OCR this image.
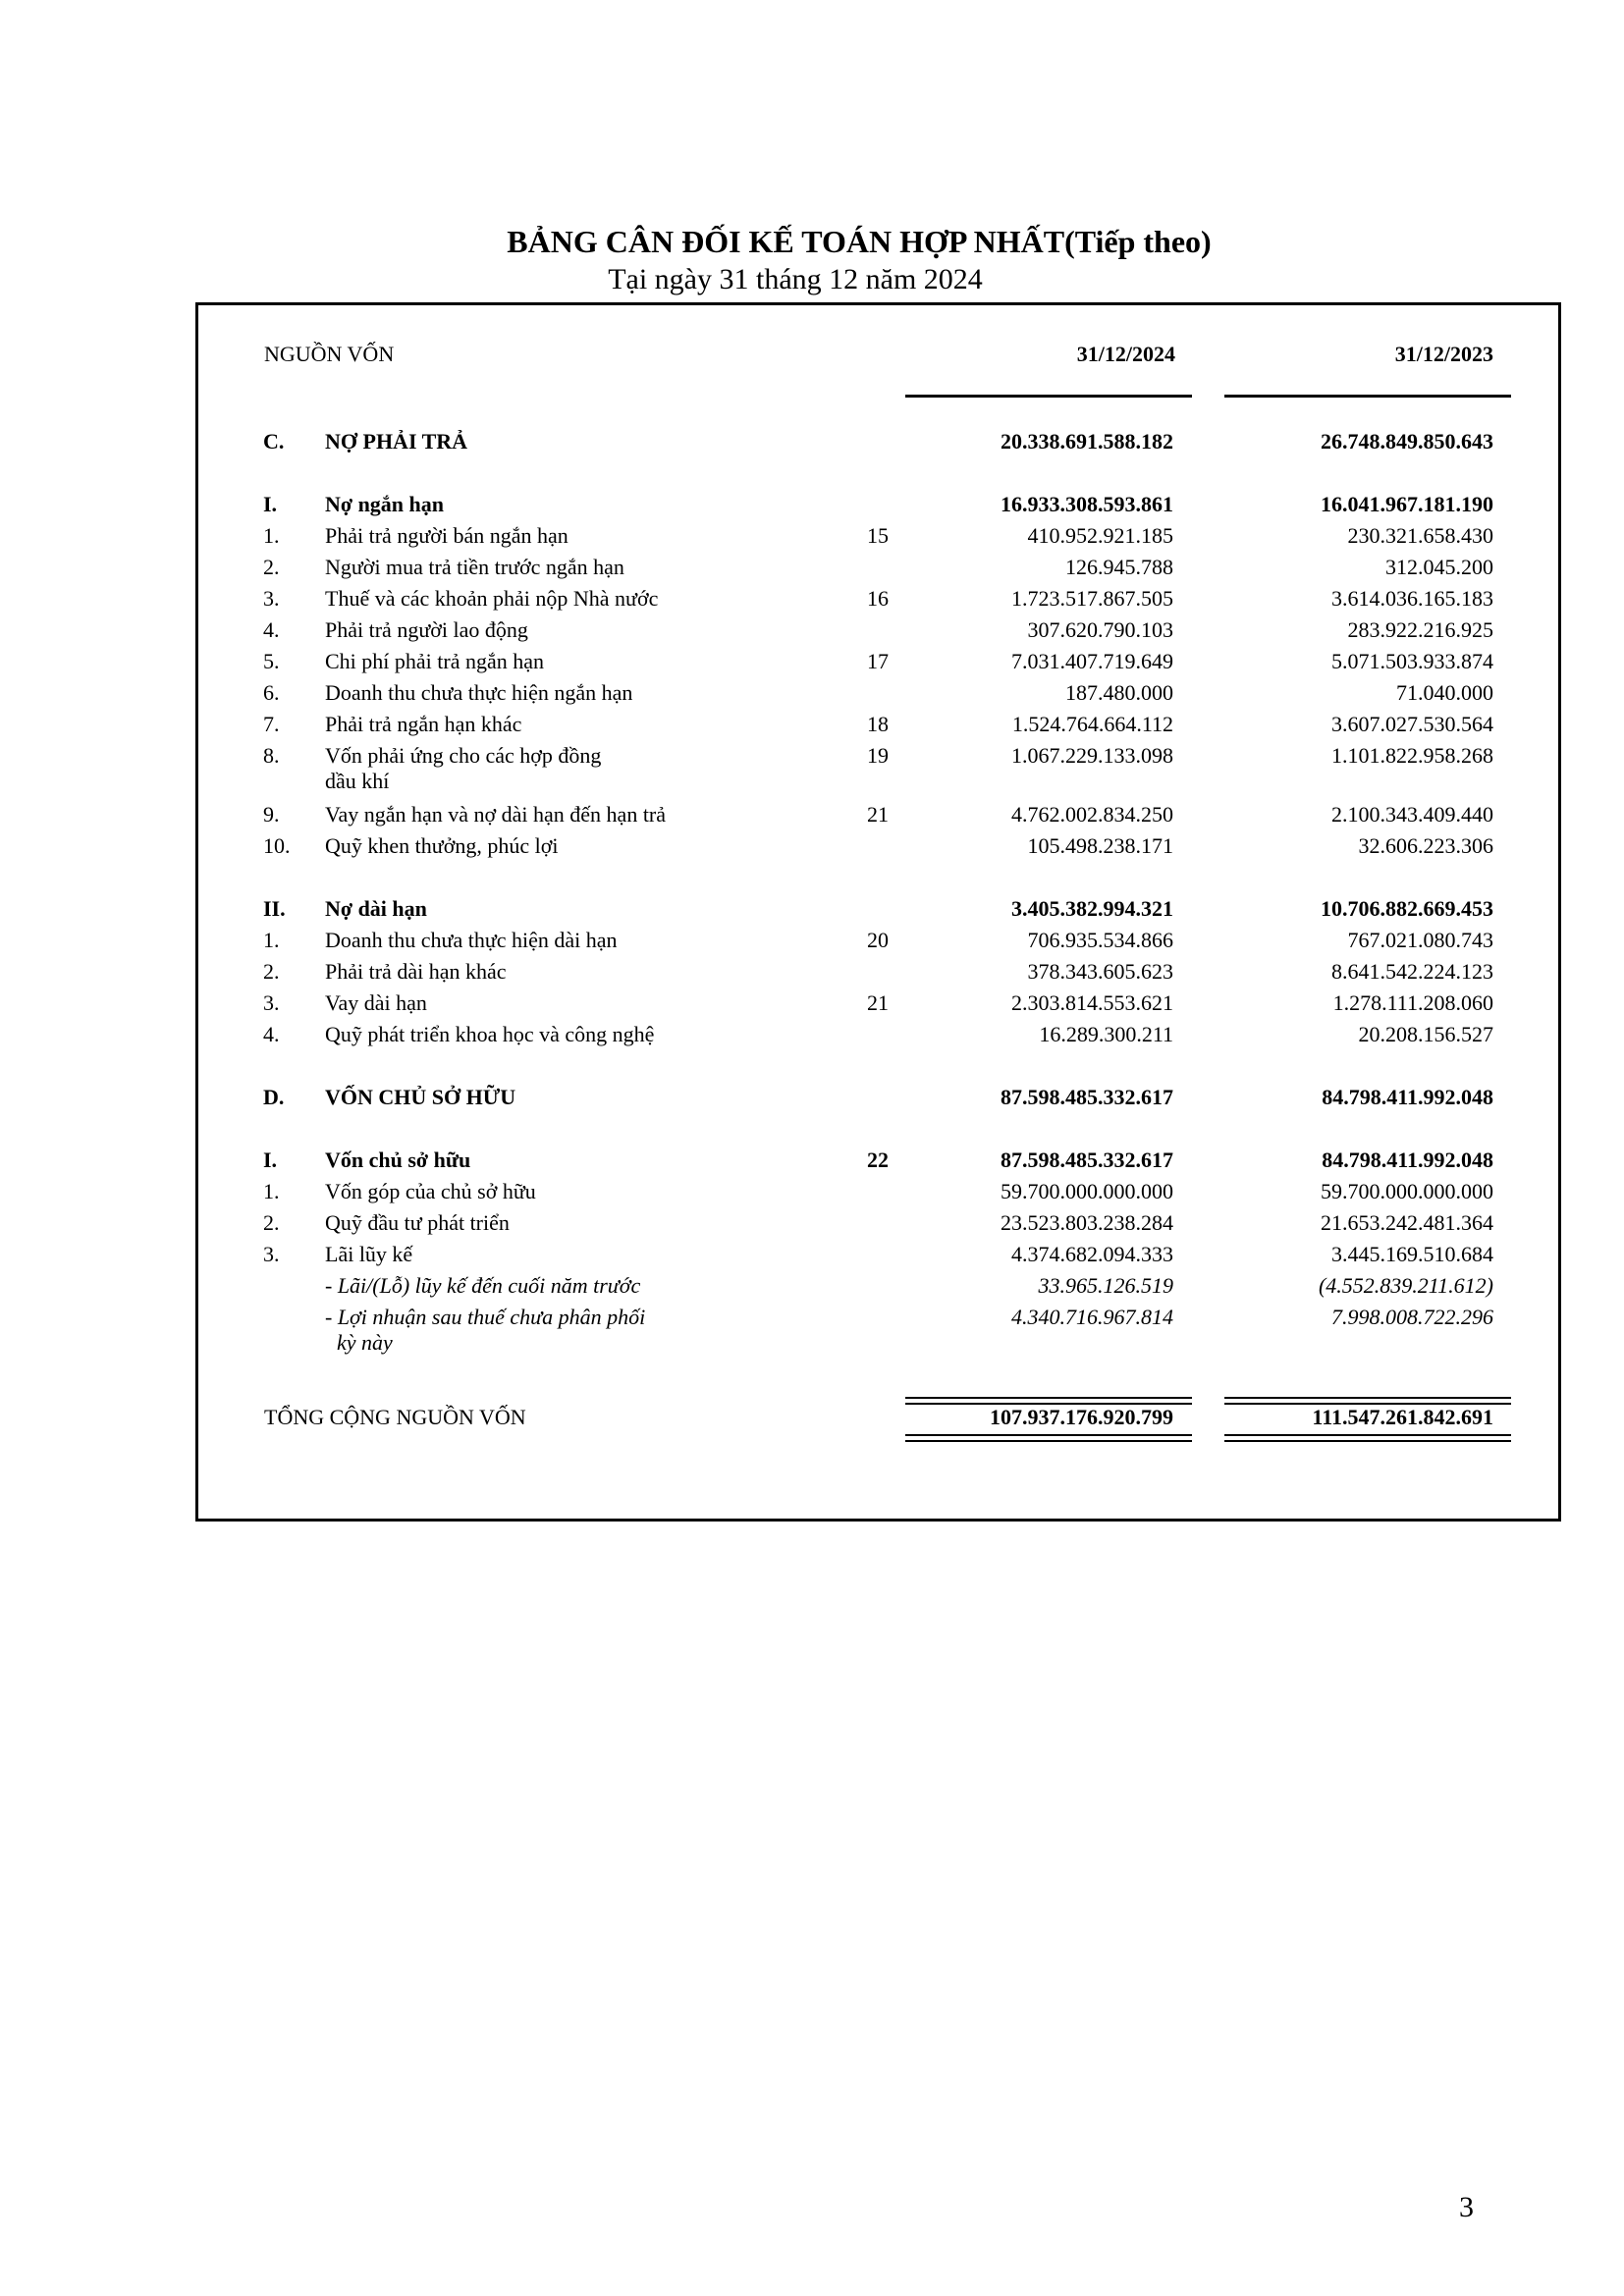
BẢNG CÂN ĐỐI KẾ TOÁN HỢP NHẤT(Tiếp theo)
Tại ngày 31 tháng 12 năm 2024
NGUỒN VỐN	31/12/2024	31/12/2023
C. NỢ PHẢI TRẢ	20.338.691.588.182	26.748.849.850.643
I. Nợ ngắn hạn	16.933.308.593.861	16.041.967.181.190
1. Phải trả người bán ngắn hạn	15	410.952.921.185	230.321.658.430
2. Người mua trả tiền trước ngắn hạn	126.945.788	312.045.200
3. Thuế và các khoản phải nộp Nhà nước	16	1.723.517.867.505	3.614.036.165.183
4. Phải trả người lao động	307.620.790.103	283.922.216.925
5. Chi phí phải trả ngắn hạn	17	7.031.407.719.649	5.071.503.933.874
6. Doanh thu chưa thực hiện ngắn hạn	187.480.000	71.040.000
7. Phải trả ngắn hạn khác	18	1.524.764.664.112	3.607.027.530.564
8. Vốn phải ứng cho các hợp đồng	19	1.067.229.133.098	1.101.822.958.268
dầu khí
9. Vay ngắn hạn và nợ dài hạn đến hạn trả	21	4.762.002.834.250	2.100.343.409.440
10. Quỹ khen thưởng, phúc lợi	105.498.238.171	32.606.223.306
II. Nợ dài hạn	3.405.382.994.321	10.706.882.669.453
1. Doanh thu chưa thực hiện dài hạn	20	706.935.534.866	767.021.080.743
2. Phải trả dài hạn khác	378.343.605.623	8.641.542.224.123
3. Vay dài hạn	21	2.303.814.553.621	1.278.111.208.060
4. Quỹ phát triển khoa học và công nghệ	16.289.300.211	20.208.156.527
D. VỐN CHỦ SỞ HỮU	87.598.485.332.617	84.798.411.992.048
I. Vốn chủ sở hữu	22	87.598.485.332.617	84.798.411.992.048
1. Vốn góp của chủ sở hữu	59.700.000.000.000	59.700.000.000.000
2. Quỹ đầu tư phát triển	23.523.803.238.284	21.653.242.481.364
3. Lãi lũy kế	4.374.682.094.333	3.445.169.510.684
- Lãi/(Lỗ) lũy kế đến cuối năm trước	33.965.126.519	(4.552.839.211.612)
- Lợi nhuận sau thuế chưa phân phối	4.340.716.967.814	7.998.008.722.296
kỳ này
TỔNG CỘNG NGUỒN VỐN	107.937.176.920.799	111.547.261.842.691
3
